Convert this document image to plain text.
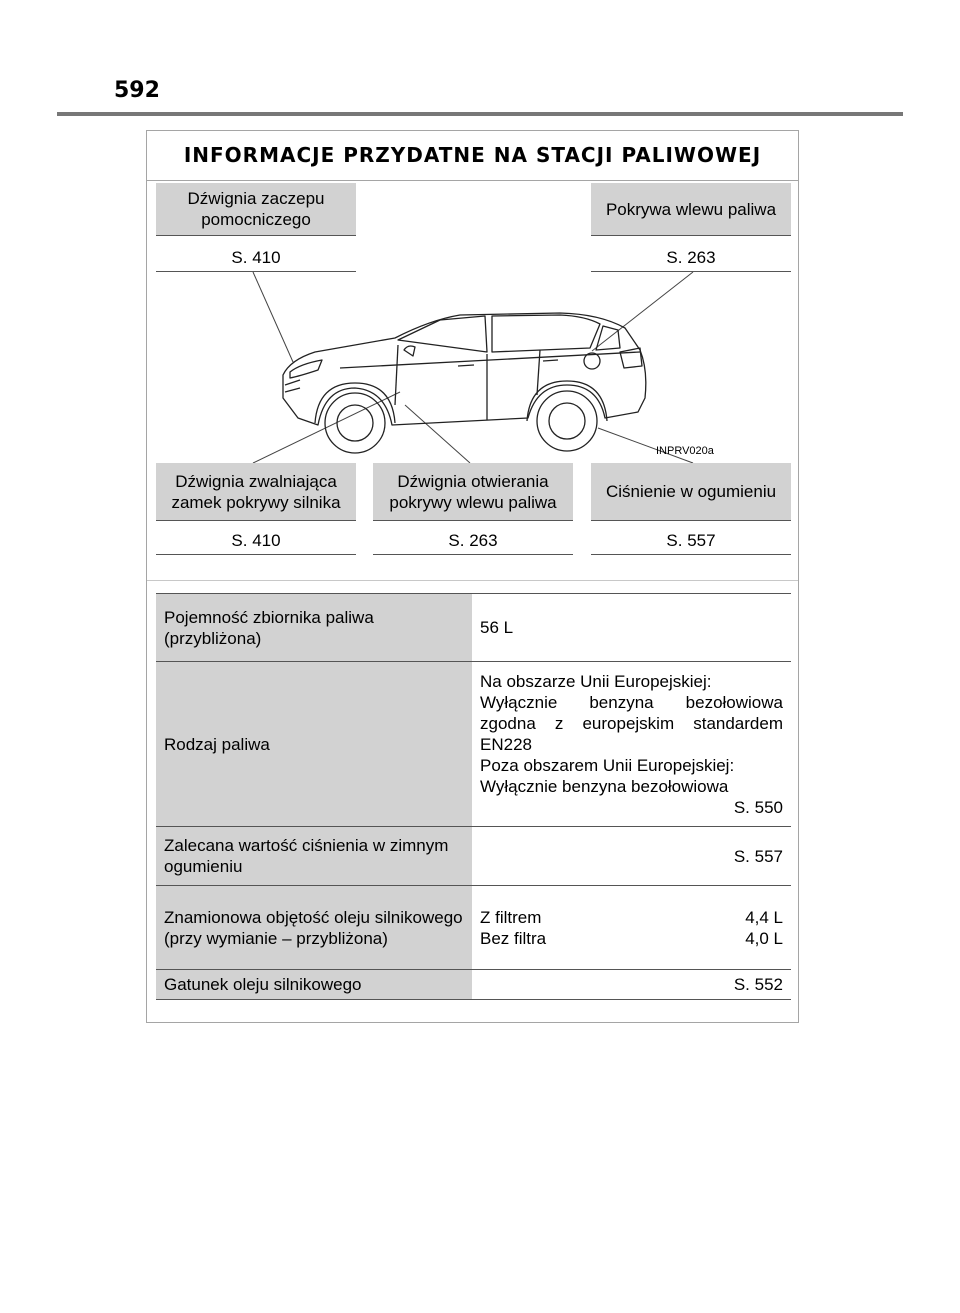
592
INFORMACJE PRZYDATNE NA STACJI PALIWOWEJ
Dźwignia zaczepu pomocniczego
S. 410
Pokrywa wlewu paliwa
S. 263
INPRV020a
Dźwignia zwalniająca zamek pokrywy silnika
S. 410
Dźwignia otwierania pokrywy wlewu paliwa
S. 263
Ciśnienie w ogumieniu
S. 557
Pojemność zbiornika paliwa (przybliżona)	56 L
Rodzaj paliwa	Na obszarze Unii Europejskiej:
Wyłącznie benzyna bezołowiowa zgodna z europejskim standardem EN228
Poza obszarem Unii Europejskiej:
Wyłącznie benzyna bezołowiowa
S. 550

Zalecana wartość ciśnienia w zimnym ogumieniu	S. 557
Znamionowa objętość oleju silnikowego (przy wymianie – przybliżona)	Z filtrem 4,4 L
Bez filtra 4,0 L

Gatunek oleju silnikowego	S. 552
